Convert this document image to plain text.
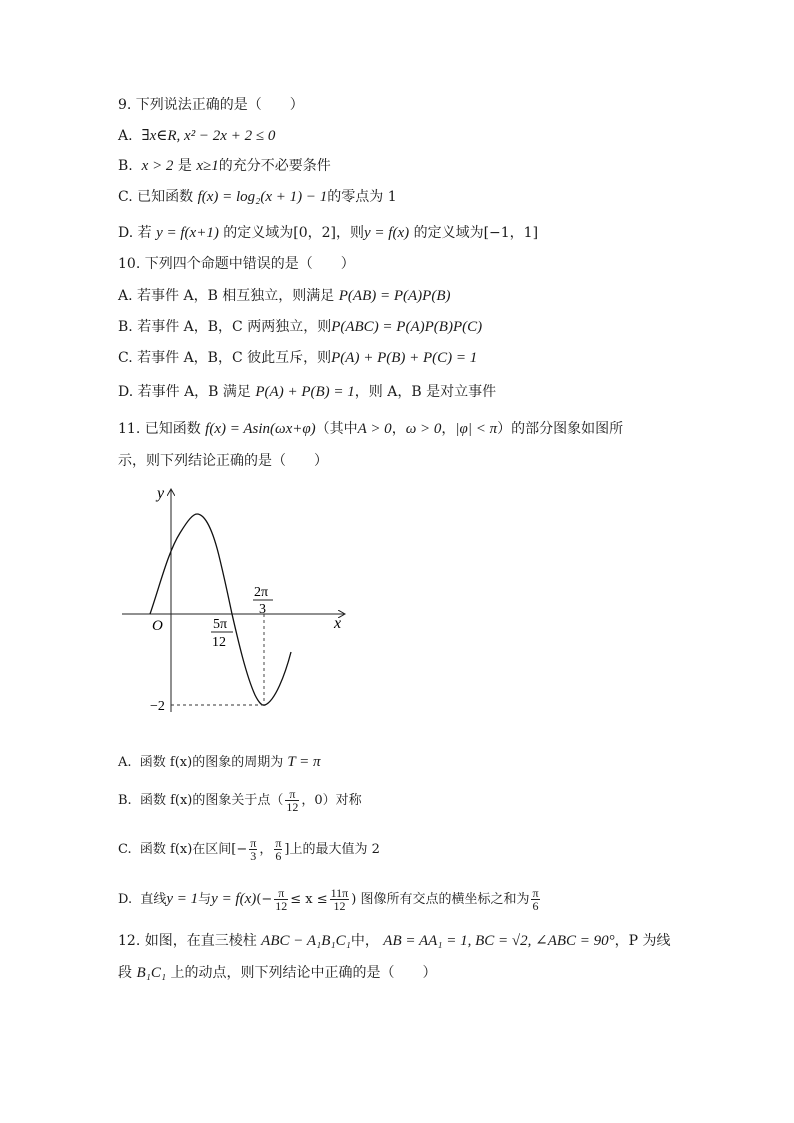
9. 下列说法正确的是（　　）
A. ∃x∈R, x² − 2x + 2 ≤ 0
B. x > 2 是 x≥1的充分不必要条件
C. 已知函数 f(x) = log₂(x + 1) − 1的零点为 1
D. 若 y = f(x+1) 的定义域为[0，2]，则y = f(x) 的定义域为[−1，1]
10. 下列四个命题中错误的是（　　）
A. 若事件 A，B 相互独立，则满足 P(AB) = P(A)P(B)
B. 若事件 A，B，C 两两独立，则P(ABC) = P(A)P(B)P(C)
C. 若事件 A，B，C 彼此互斥，则P(A) + P(B) + P(C) = 1
D. 若事件 A，B 满足 P(A) + P(B) = 1，则 A，B 是对立事件
11. 已知函数 f(x) = Asin(ωx+φ)（其中A > 0，ω > 0，|φ| < π）的部分图象如图所
示，则下列结论正确的是（　　）
y
x
O
2π
3
5π
12
−2
A.  函数 f(x)的图象的周期为 T = π
B.  函数 f(x)的图象关于点（ $\frac{\pi}{12}$ ，0）对称
C.  函数 f(x)在区间[− $\frac{\pi}{3}$ ， $\frac{\pi}{6}$ ]上的最大值为 2
D.  直线y = 1与$y = f(x)(- \frac{\pi}{12} \le x \le \frac{11\pi}{12}$ ) 图像所有交点的横坐标之和为 $\frac{\pi}{6}$
12. 如图，在直三棱柱 ABC − A₁B₁C₁中， AB = AA₁ = 1, BC = √2, ∠ABC = 90°，P 为线
段 B₁C₁ 上的动点，则下列结论中正确的是（　　）
